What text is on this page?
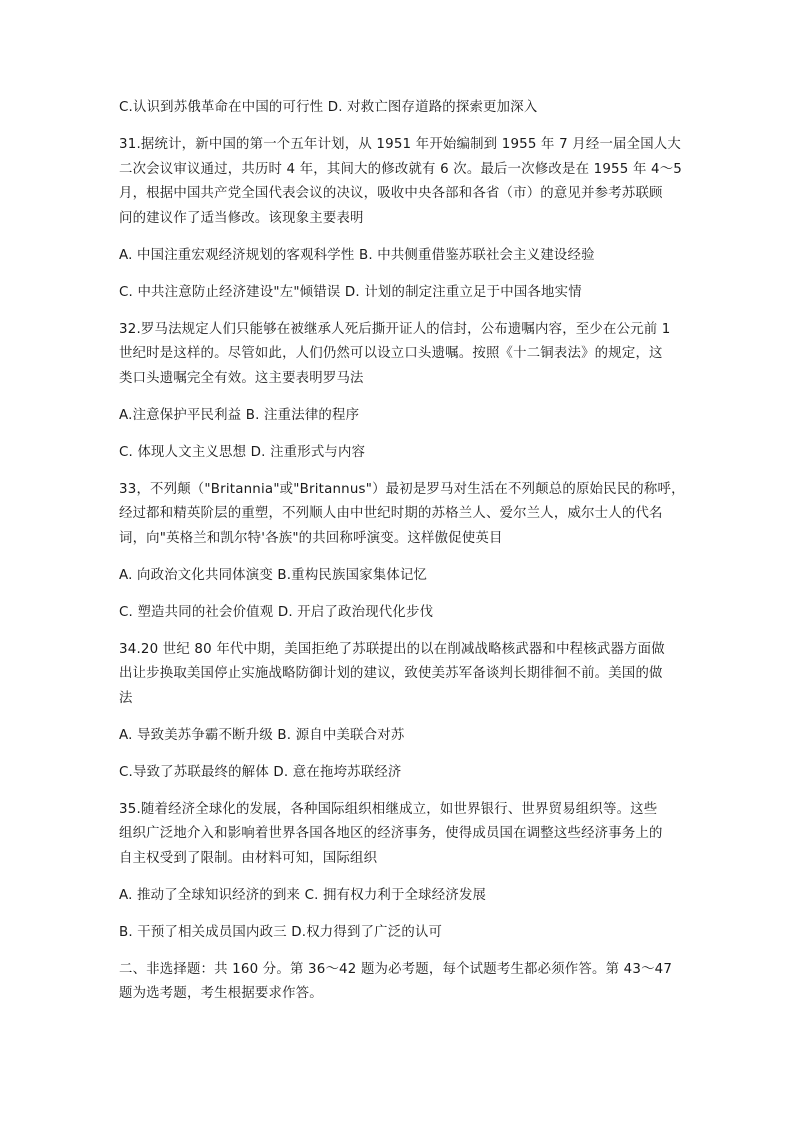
C.认识到苏俄革命在中国的可行性 D. 对救亡图存道路的探索更加深入
31.据统计，新中国的第一个五年计划，从 1951 年开始编制到 1955 年 7 月经一届全国人大
二次会议审议通过，共历时 4 年，其间大的修改就有 6 次。最后一次修改是在 1955 年 4～5
月，根据中国共产党全国代表会议的决议，吸收中央各部和各省（市）的意见并参考苏联顾
问的建议作了适当修改。该现象主要表明
A. 中国注重宏观经济规划的客观科学性 B. 中共侧重借鉴苏联社会主义建设经验
C. 中共注意防止经济建设"左"倾错误 D. 计划的制定注重立足于中国各地实情
32.罗马法规定人们只能够在被继承人死后撕开证人的信封，公布遗嘱内容，至少在公元前 1
世纪时是这样的。尽管如此，人们仍然可以设立口头遗嘱。按照《十二铜表法》的规定，这
类口头遗嘱完全有效。这主要表明罗马法
A.注意保护平民利益 B. 注重法律的程序
C. 体现人文主义思想 D. 注重形式与内容
33，不列颠（"Britannia"或"Britannus"）最初是罗马对生活在不列颠总的原始民民的称呼，
经过都和精英阶层的重塑，不列顺人由中世纪时期的苏格兰人、爱尔兰人，威尔士人的代名
词，向"英格兰和凯尔特'各族"的共回称呼演变。这样傲促使英目
A. 向政治文化共同体演变 B.重构民族国家集体记忆
C. 塑造共同的社会价值观 D. 开启了政治现代化步伐
34.20 世纪 80 年代中期，美国拒绝了苏联提出的以在削减战略核武器和中程核武器方面做
出让步换取美国停止实施战略防御计划的建议，致使美苏军备谈判长期徘徊不前。美国的做
法
A. 导致美苏争霸不断升级 B. 源自中美联合对苏
C.导致了苏联最终的解体 D. 意在拖垮苏联经济
35.随着经济全球化的发展，各种国际组织相继成立，如世界银行、世界贸易组织等。这些
组织广泛地介入和影响着世界各国各地区的经济事务，使得成员国在调整这些经济事务上的
自主权受到了限制。由材料可知，国际组织
A. 推动了全球知识经济的到来 C. 拥有权力利于全球经济发展
B. 干预了相关成员国内政三 D.权力得到了广泛的认可
二、非选择题：共 160 分。第 36～42 题为必考题，每个试题考生都必须作答。第 43～47
题为选考题，考生根据要求作答。
